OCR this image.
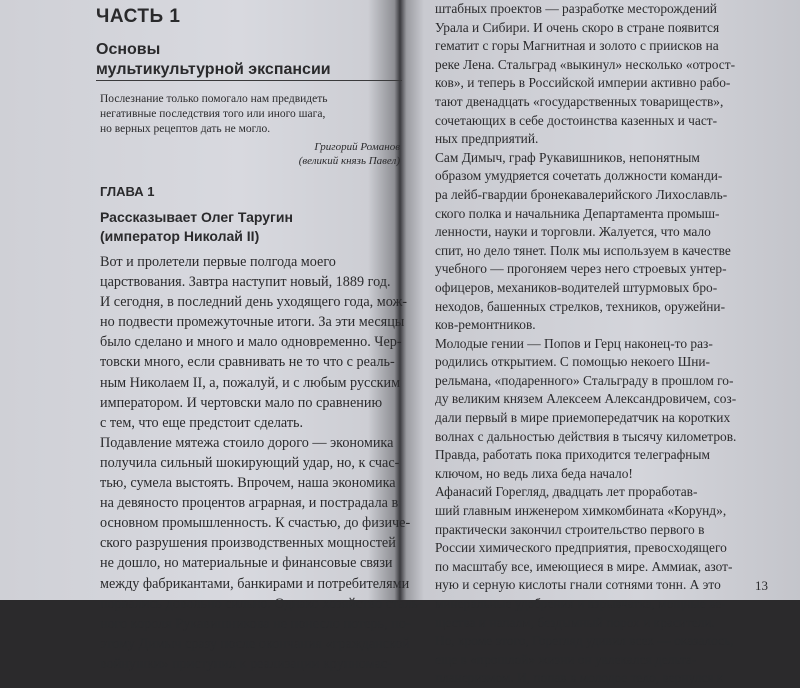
ЧАСТЬ 1
Основы
мультикультурной экспансии
Послезнание только помогало нам предвидеть
негативные последствия того или иного шага,
но верных рецептов дать не могло.
Григорий Романов
(великий князь Павел)
ГЛАВА 1
Рассказывает Олег Таругин
(император Николай II)
Вот и пролетели первые полгода моего
царствования. Завтра наступит новый, 1889 год.
И сегодня, в последний день уходящего года, мож-
но подвести промежуточные итоги. За эти месяцы
было сделано и много и мало одновременно. Чер-
товски много, если сравнивать не то что с реаль-
ным Николаем II, а, пожалуй, и с любым русским
императором. И чертовски мало по сравнению
с тем, что еще предстоит сделать.
Подавление мятежа стоило дорого — экономика
получила сильный шокирующий удар, но, к счас-
тью, сумела выстоять. Впрочем, наша экономика
на девяносто процентов аграрная, и пострадала в
основном промышленность. К счастью, до физиче-
ского разрушения производственных мощностей
не дошло, но материальные и финансовые связи
между фабрикантами, банкирами и потребителями
порвались довольно сильно. Однако хозяйство сталь-
ного короля Рукавишникова не понесло потерь, по-
этому Димыч сразу после окончания «гражданской
войнушки» приступил к реализации крупномас-
штабных проектов — разработке месторождений
Урала и Сибири. И очень скоро в стране появится
гематит с горы Магнитная и золото с приисков на
реке Лена. Стальград «выкинул» несколько «отрост-
ков», и теперь в Российской империи активно рабо-
тают двенадцать «государственных товариществ»,
сочетающих в себе достоинства казенных и част-
ных предприятий.
Сам Димыч, граф Рукавишников, непонятным
образом умудряется сочетать должности команди-
ра лейб-гвардии бронекавалерийского Лихославль-
ского полка и начальника Департамента промыш-
ленности, науки и торговли. Жалуется, что мало
спит, но дело тянет. Полк мы используем в качестве
учебного — прогоняем через него строевых унтер-
офицеров, механиков-водителей штурмовых бро-
неходов, башенных стрелков, техников, оружейни-
ков-ремонтников.
Молодые гении — Попов и Герц наконец-то раз-
родились открытием. С помощью некоего Шни-
рельмана, «подаренного» Стальграду в прошлом го-
ду великим князем Алексеем Александровичем, соз-
дали первый в мире приемопередатчик на коротких
волнах с дальностью действия в тысячу километров.
Правда, работать пока приходится телеграфным
ключом, но ведь лиха беда начало!
Афанасий Горегляд, двадцать лет проработав-
ший главным инженером химкомбината «Корунд»,
практически закончил строительство первого в
России химического предприятия, превосходящего
по масштабу все, имеющиеся в мире. Аммиак, азот-
ную и серную кислоты гнали сотнями тонн. А это
минеральные удобрения и взрывчатка, мощные ве-
щества и напалм, бездымный порох и красители.
Но, кроме этого, Горегляд удивил всех — оказалось,
еще в «прошлой» жизни он увлекался дельта-
планеризмом. И, попав в молодое тело, вернулся к
13
